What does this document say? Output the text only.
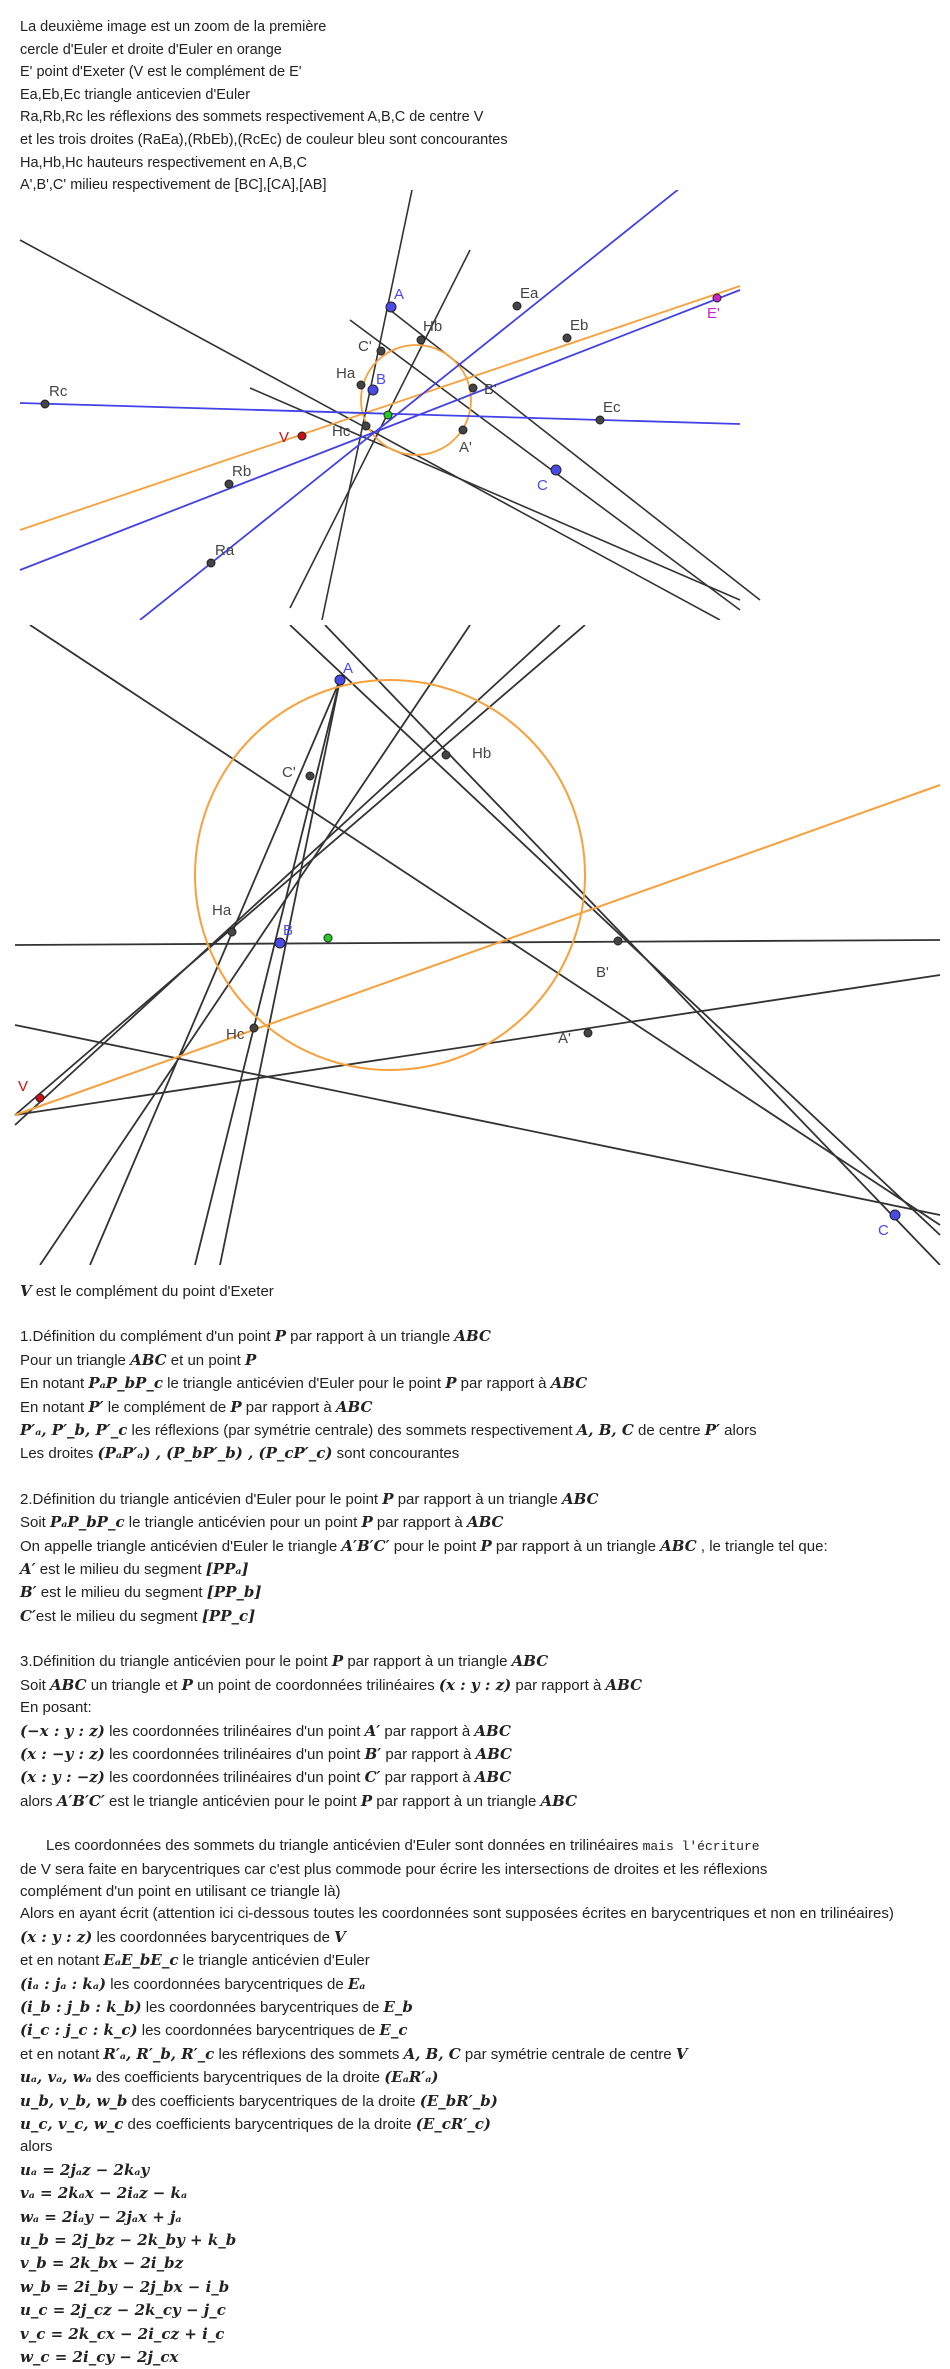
La deuxième image est un zoom de la première
cercle d'Euler et droite d'Euler en orange
E' point d'Exeter (V est le complément de E'
Ea,Eb,Ec triangle anticevien d'Euler
Ra,Rb,Rc les réflexions des sommets respectivement A,B,C de centre V
et les trois droites (RaEa),(RbEb),(RcEc) de couleur bleu sont concourantes
Ha,Hb,Hc hauteurs respectivement en A,B,C
A',B',C' milieu respectivement de [BC],[CA],[AB]
A
B
C
Ha
Hb
Hc
A'
B'
C'
Ea
Eb
Ec
Ra
Rb
Rc
V
E'
A
B
C
Ha
Hb
Hc	A'
B'
C'
V
V est le complément du point d'Exeter
1.Définition du complément d'un point P par rapport à un triangle ABC
Pour un triangle ABC et un point P
En notant PₐP_bP_c le triangle anticévien d'Euler pour le point P par rapport à ABC
En notant P′ le complément de P par rapport à ABC
P′ₐ, P′_b, P′_c les réflexions (par symétrie centrale) des sommets respectivement A, B, C de centre P′ alors
Les droites (PₐP′ₐ) , (P_bP′_b) , (P_cP′_c) sont concourantes
2.Définition du triangle anticévien d'Euler pour le point P par rapport à un triangle ABC
Soit PₐP_bP_c le triangle anticévien pour un point P par rapport à ABC
On appelle triangle anticévien d'Euler le triangle A′B′C′ pour le point P par rapport à un triangle ABC , le triangle tel que:
A′ est le milieu du segment [PPₐ]
B′ est le milieu du segment [PP_b]
C′est le milieu du segment [PP_c]
3.Définition du triangle anticévien pour le point P par rapport à un triangle ABC
Soit ABC un triangle et P un point de coordonnées trilinéaires (x : y : z) par rapport à ABC
En posant:
(−x : y : z) les coordonnées trilinéaires d'un point A′ par rapport à ABC
(x : −y : z) les coordonnées trilinéaires d'un point B′ par rapport à ABC
(x : y : −z) les coordonnées trilinéaires d'un point C′ par rapport à ABC
alors A′B′C′ est le triangle anticévien pour le point P par rapport à un triangle ABC
Les coordonnées des sommets du triangle anticévien d'Euler sont données en trilinéaires mais l'écriture
de V sera faite en barycentriques car c'est plus commode pour écrire les intersections de droites et les réflexions
complément d'un point en utilisant ce triangle là)
Alors en ayant écrit (attention ici ci-dessous toutes les coordonnées sont supposées écrites en barycentriques et non en trilinéaires)
(x : y : z) les coordonnées barycentriques de V
et en notant EₐE_bE_c le triangle anticévien d'Euler
(iₐ : jₐ : kₐ) les coordonnées barycentriques de Eₐ
(i_b : j_b : k_b) les coordonnées barycentriques de E_b
(i_c : j_c : k_c) les coordonnées barycentriques de E_c
et en notant R′ₐ, R′_b, R′_c les réflexions des sommets A, B, C par symétrie centrale de centre V
uₐ, vₐ, wₐ des coefficients barycentriques de la droite (EₐR′ₐ)
u_b, v_b, w_b des coefficients barycentriques de la droite (E_bR′_b)
u_c, v_c, w_c des coefficients barycentriques de la droite (E_cR′_c)
alors
uₐ = 2jₐz − 2kₐy
vₐ = 2kₐx − 2iₐz − kₐ
wₐ = 2iₐy − 2jₐx + jₐ
u_b = 2j_bz − 2k_by + k_b
v_b = 2k_bx − 2i_bz
w_b = 2i_by − 2j_bx − i_b
u_c = 2j_cz − 2k_cy − j_c
v_c = 2k_cx − 2i_cz + i_c
w_c = 2i_cy − 2j_cx
